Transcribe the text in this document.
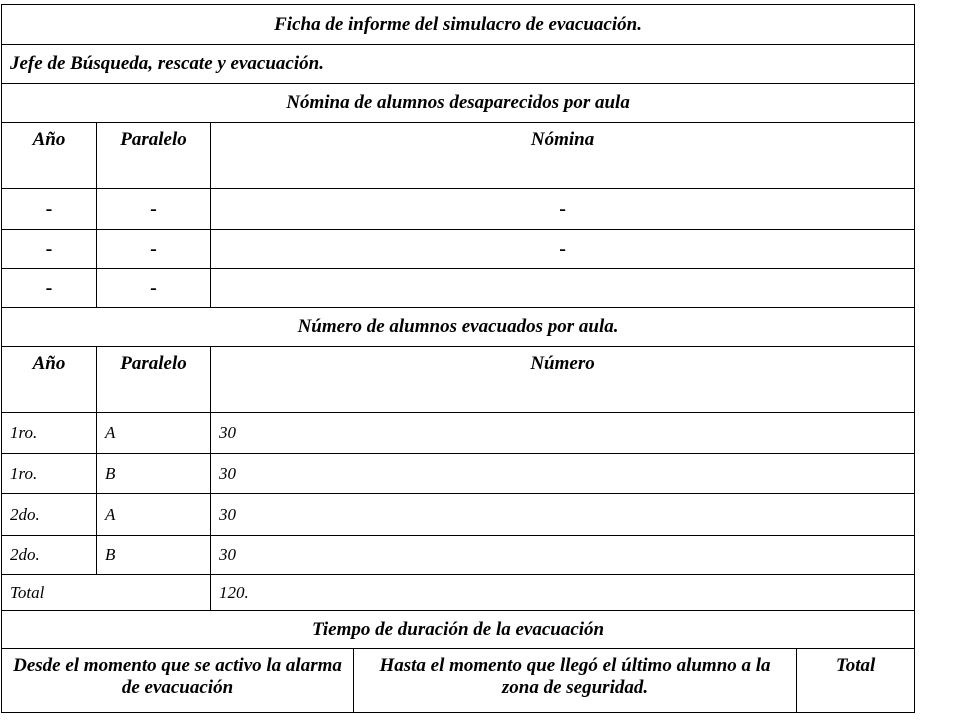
Ficha de informe del simulacro de evacuación.				
Jefe de Búsqueda, rescate y evacuación.				
Nómina de alumnos desaparecidos por aula				
Año	Paralelo	Nómina		
-	-	-		
-	-	-		
-	-			
Número de alumnos evacuados por aula.				
Año	Paralelo	Número		
1ro.	A	30		
1ro.	B	30		
2do.	A	30		
2do.	B	30		
Total		120.		
Tiempo de duración de la evacuación				
Desde el momento que se activo la alarma de evacuación			Hasta el momento que llegó el último alumno a la zona de seguridad.	Total
